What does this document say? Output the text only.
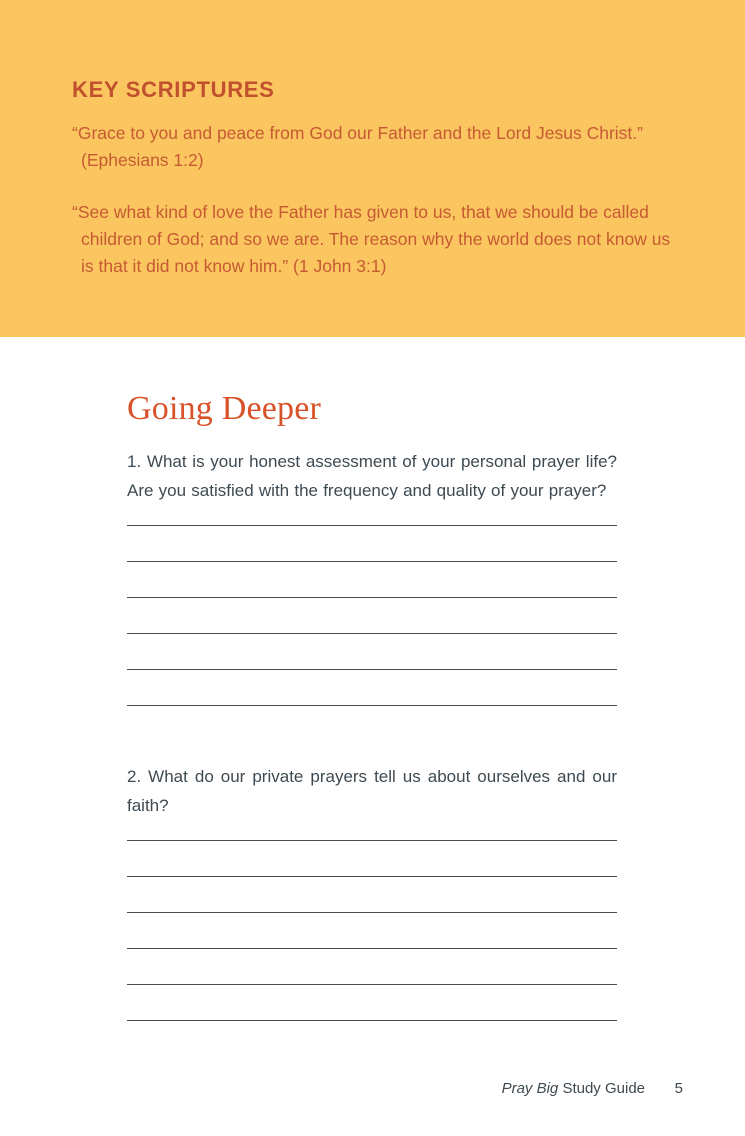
KEY SCRIPTURES

“Grace to you and peace from God our Father and the Lord Jesus Christ.” (Ephesians 1:2)

“See what kind of love the Father has given to us, that we should be called children of God; and so we are. The reason why the world does not know us is that it did not know him.” (1 John 3:1)

Going Deeper

1. What is your honest assessment of your personal prayer life? Are you satisfied with the frequency and quality of your prayer?

2. What do our private prayers tell us about ourselves and our faith?

Pray Big Study Guide 5
